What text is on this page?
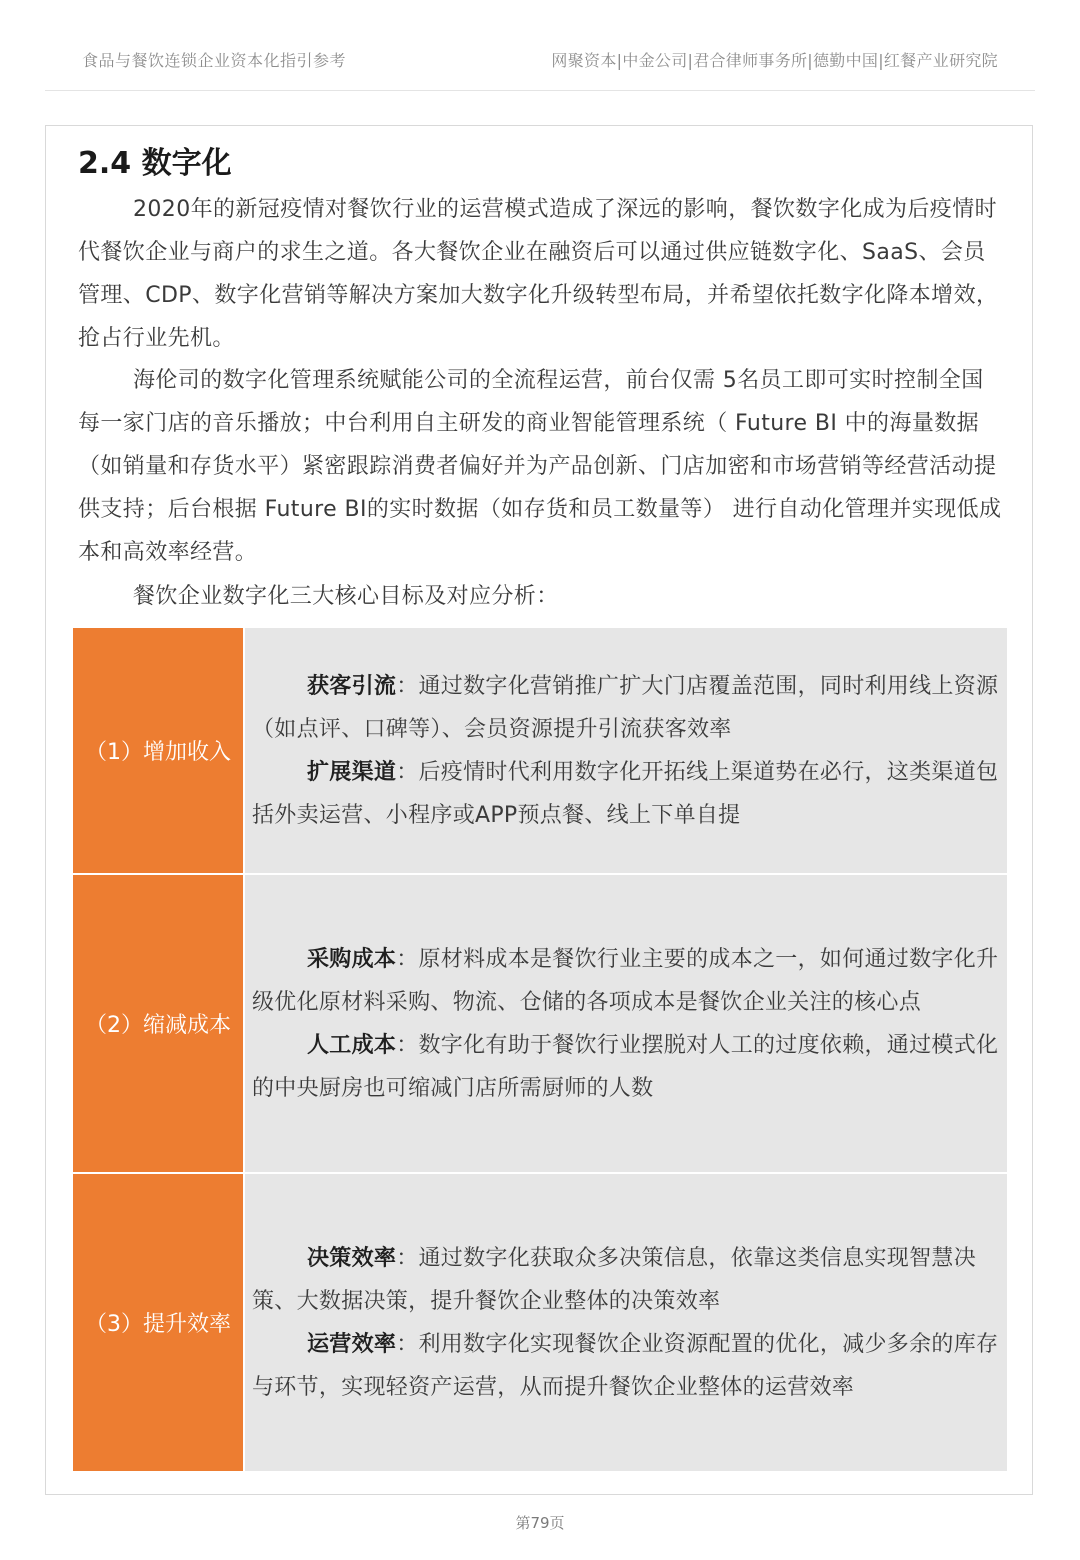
食品与餐饮连锁企业资本化指引参考	网聚资本|中金公司|君合律师事务所|德勤中国|红餐产业研究院
2.4 数字化

2020年的新冠疫情对餐饮行业的运营模式造成了深远的影响，餐饮数字化成为后疫情时代餐饮企业与商户的求生之道。各大餐饮企业在融资后可以通过供应链数字化、SaaS、会员管理、CDP、数字化营销等解决方案加大数字化升级转型布局，并希望依托数字化降本增效，抢占行业先机。

海伦司的数字化管理系统赋能公司的全流程运营，前台仅需 5名员工即可实时控制全国每一家门店的音乐播放；中台利用自主研发的商业智能管理系统（ Future BI 中的海量数据（如销量和存货水平）紧密跟踪消费者偏好并为产品创新、门店加密和市场营销等经营活动提供支持；后台根据 Future BI的实时数据（如存货和员工数量等） 进行自动化管理并实现低成本和高效率经营。

餐饮企业数字化三大核心目标及对应分析：

（1）增加收入

获客引流：通过数字化营销推广扩大门店覆盖范围，同时利用线上资源（如点评、口碑等）、会员资源提升引流获客效率

扩展渠道：后疫情时代利用数字化开拓线上渠道势在必行，这类渠道包括外卖运营、小程序或APP预点餐、线上下单自提

（2）缩减成本

采购成本：原材料成本是餐饮行业主要的成本之一，如何通过数字化升级优化原材料采购、物流、仓储的各项成本是餐饮企业关注的核心点

人工成本：数字化有助于餐饮行业摆脱对人工的过度依赖，通过模式化的中央厨房也可缩减门店所需厨师的人数

（3）提升效率

决策效率：通过数字化获取众多决策信息，依靠这类信息实现智慧决策、大数据决策，提升餐饮企业整体的决策效率

运营效率：利用数字化实现餐饮企业资源配置的优化，减少多余的库存与环节，实现轻资产运营，从而提升餐饮企业整体的运营效率

第79页
